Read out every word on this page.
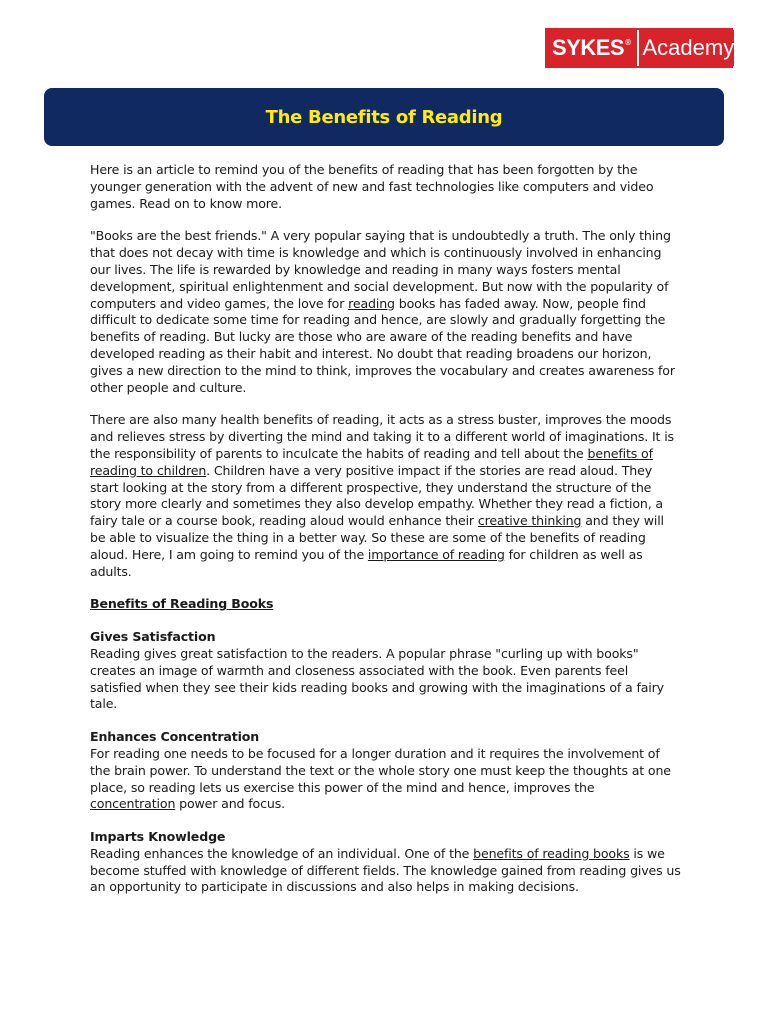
SYKES® Academy
The Benefits of Reading

Here is an article to remind you of the benefits of reading that has been forgotten by the younger generation with the advent of new and fast technologies like computers and video games. Read on to know more.

"Books are the best friends." A very popular saying that is undoubtedly a truth. The only thing that does not decay with time is knowledge and which is continuously involved in enhancing our lives. The life is rewarded by knowledge and reading in many ways fosters mental development, spiritual enlightenment and social development. But now with the popularity of computers and video games, the love for reading books has faded away. Now, people find difficult to dedicate some time for reading and hence, are slowly and gradually forgetting the benefits of reading. But lucky are those who are aware of the reading benefits and have developed reading as their habit and interest. No doubt that reading broadens our horizon, gives a new direction to the mind to think, improves the vocabulary and creates awareness for other people and culture.

There are also many health benefits of reading, it acts as a stress buster, improves the moods and relieves stress by diverting the mind and taking it to a different world of imaginations. It is the responsibility of parents to inculcate the habits of reading and tell about the benefits of reading to children. Children have a very positive impact if the stories are read aloud. They start looking at the story from a different prospective, they understand the structure of the story more clearly and sometimes they also develop empathy. Whether they read a fiction, a fairy tale or a course book, reading aloud would enhance their creative thinking and they will be able to visualize the thing in a better way. So these are some of the benefits of reading aloud. Here, I am going to remind you of the importance of reading for children as well as adults.

Benefits of Reading Books
Gives Satisfaction
Reading gives great satisfaction to the readers. A popular phrase "curling up with books" creates an image of warmth and closeness associated with the book. Even parents feel satisfied when they see their kids reading books and growing with the imaginations of a fairy tale.
Enhances Concentration
For reading one needs to be focused for a longer duration and it requires the involvement of the brain power. To understand the text or the whole story one must keep the thoughts at one place, so reading lets us exercise this power of the mind and hence, improves the concentration power and focus.
Imparts Knowledge
Reading enhances the knowledge of an individual. One of the benefits of reading books is we become stuffed with knowledge of different fields. The knowledge gained from reading gives us an opportunity to participate in discussions and also helps in making decisions.
